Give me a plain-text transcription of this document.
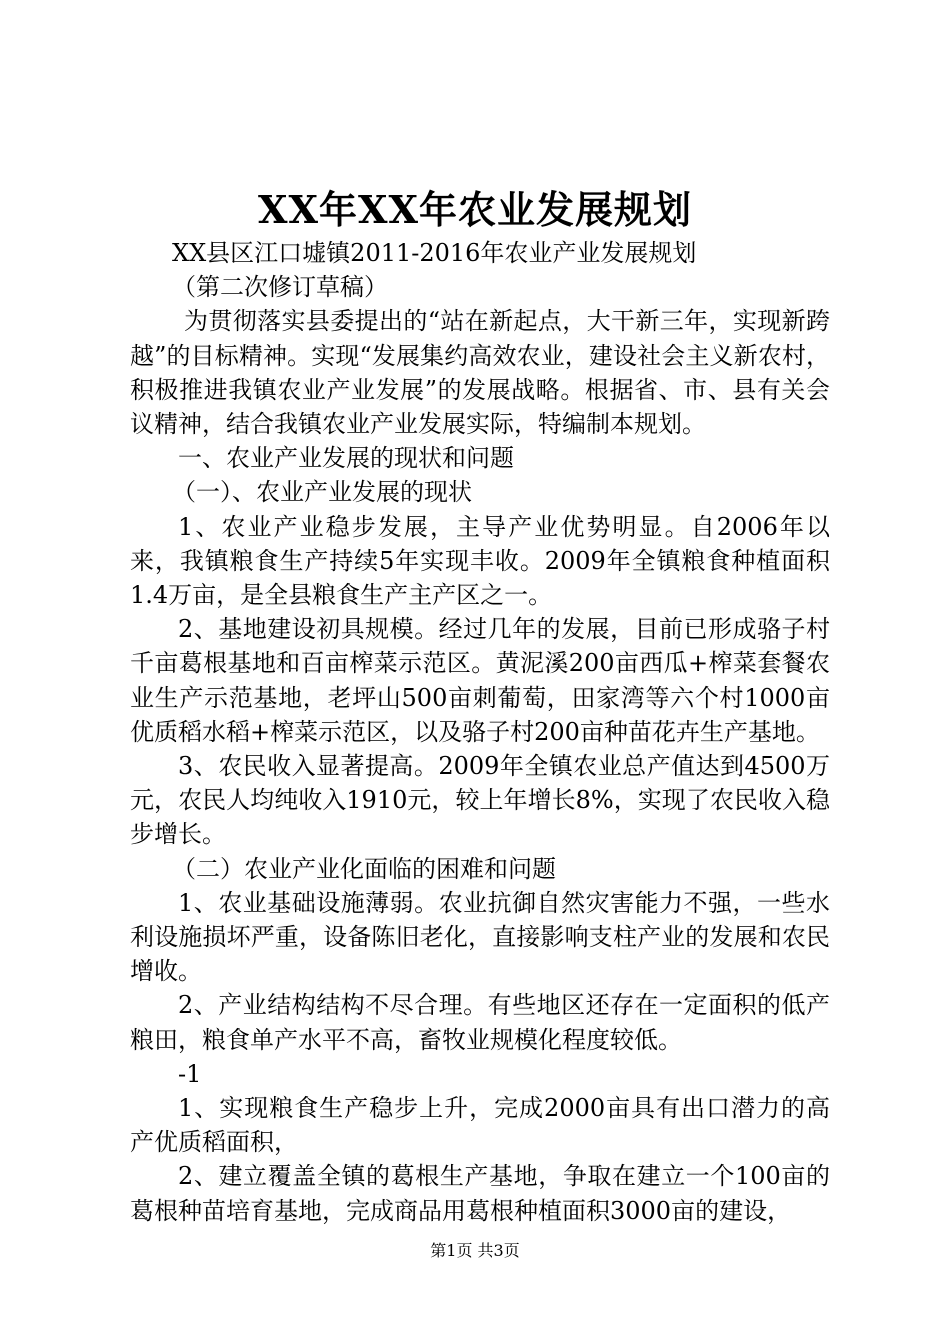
XX年XX年农业发展规划

XX县区江口墟镇2011-2016年农业产业发展规划

（第二次修订草稿）

为贯彻落实县委提出的“站在新起点，大干新三年，实现新跨越”的目标精神。实现“发展集约高效农业，建设社会主义新农村，积极推进我镇农业产业发展”的发展战略。根据省、市、县有关会议精神，结合我镇农业产业发展实际，特编制本规划。

一、农业产业发展的现状和问题

（一）、农业产业发展的现状

1、农业产业稳步发展，主导产业优势明显。自2006年以来，我镇粮食生产持续5年实现丰收。2009年全镇粮食种植面积1.4万亩，是全县粮食生产主产区之一。

2、基地建设初具规模。经过几年的发展，目前已形成骆子村千亩葛根基地和百亩榨菜示范区。黄泥溪200亩西瓜+榨菜套餐农业生产示范基地，老坪山500亩刺葡萄，田家湾等六个村1000亩优质稻水稻+榨菜示范区，以及骆子村200亩种苗花卉生产基地。

3、农民收入显著提高。2009年全镇农业总产值达到4500万元，农民人均纯收入1910元，较上年增长8%，实现了农民收入稳步增长。

（二）农业产业化面临的困难和问题

1、农业基础设施薄弱。农业抗御自然灾害能力不强，一些水利设施损坏严重，设备陈旧老化，直接影响支柱产业的发展和农民增收。

2、产业结构结构不尽合理。有些地区还存在一定面积的低产粮田，粮食单产水平不高，畜牧业规模化程度较低。

-1

1、实现粮食生产稳步上升，完成2000亩具有出口潜力的高产优质稻面积，

2、建立覆盖全镇的葛根生产基地，争取在建立一个100亩的葛根种苗培育基地，完成商品用葛根种植面积3000亩的建设，

第1页 共3页
